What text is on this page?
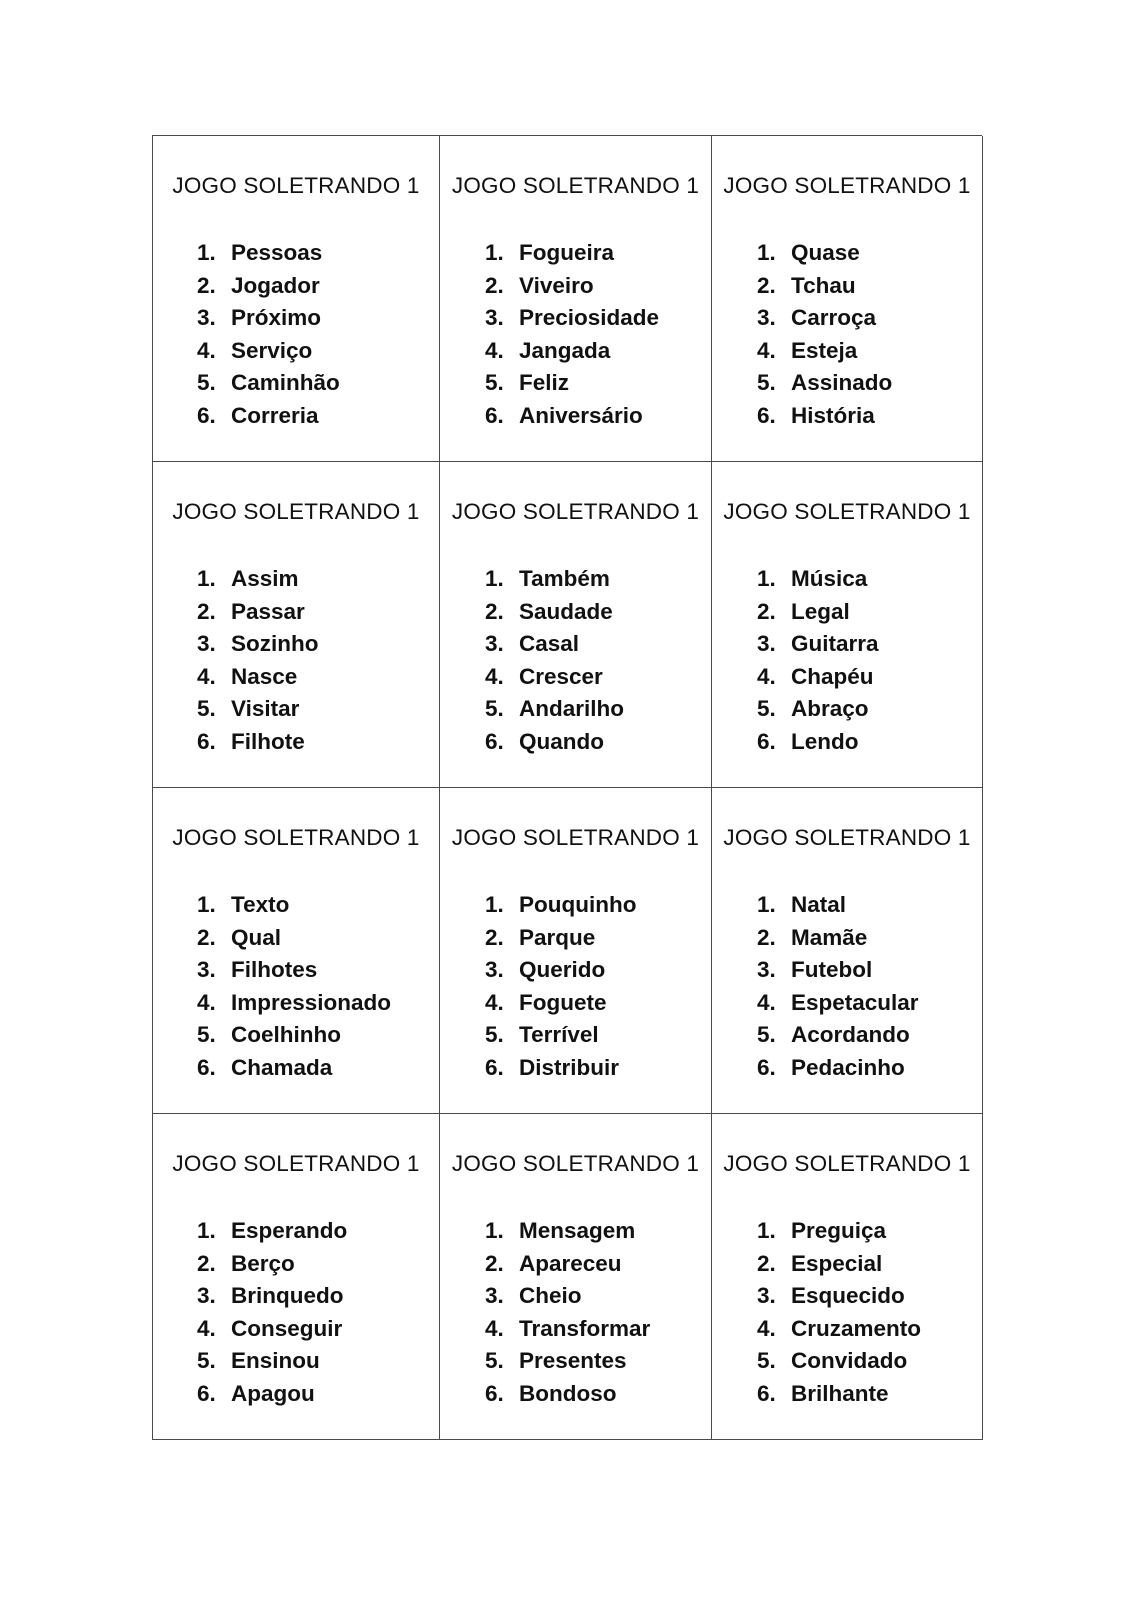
JOGO SOLETRANDO 1
1. Pessoas
2. Jogador
3. Próximo
4. Serviço
5. Caminhão
6. Correria
JOGO SOLETRANDO 1
1. Fogueira
2. Viveiro
3. Preciosidade
4. Jangada
5. Feliz
6. Aniversário
JOGO SOLETRANDO 1
1. Quase
2. Tchau
3. Carroça
4. Esteja
5. Assinado
6. História
JOGO SOLETRANDO 1
1. Assim
2. Passar
3. Sozinho
4. Nasce
5. Visitar
6. Filhote
JOGO SOLETRANDO 1
1. Também
2. Saudade
3. Casal
4. Crescer
5. Andarilho
6. Quando
JOGO SOLETRANDO 1
1. Música
2. Legal
3. Guitarra
4. Chapéu
5. Abraço
6. Lendo
JOGO SOLETRANDO 1
1. Texto
2. Qual
3. Filhotes
4. Impressionado
5. Coelhinho
6. Chamada
JOGO SOLETRANDO 1
1. Pouquinho
2. Parque
3. Querido
4. Foguete
5. Terrível
6. Distribuir
JOGO SOLETRANDO 1
1. Natal
2. Mamãe
3. Futebol
4. Espetacular
5. Acordando
6. Pedacinho
JOGO SOLETRANDO 1
1. Esperando
2. Berço
3. Brinquedo
4. Conseguir
5. Ensinou
6. Apagou
JOGO SOLETRANDO 1
1. Mensagem
2. Apareceu
3. Cheio
4. Transformar
5. Presentes
6. Bondoso
JOGO SOLETRANDO 1
1. Preguiça
2. Especial
3. Esquecido
4. Cruzamento
5. Convidado
6. Brilhante
